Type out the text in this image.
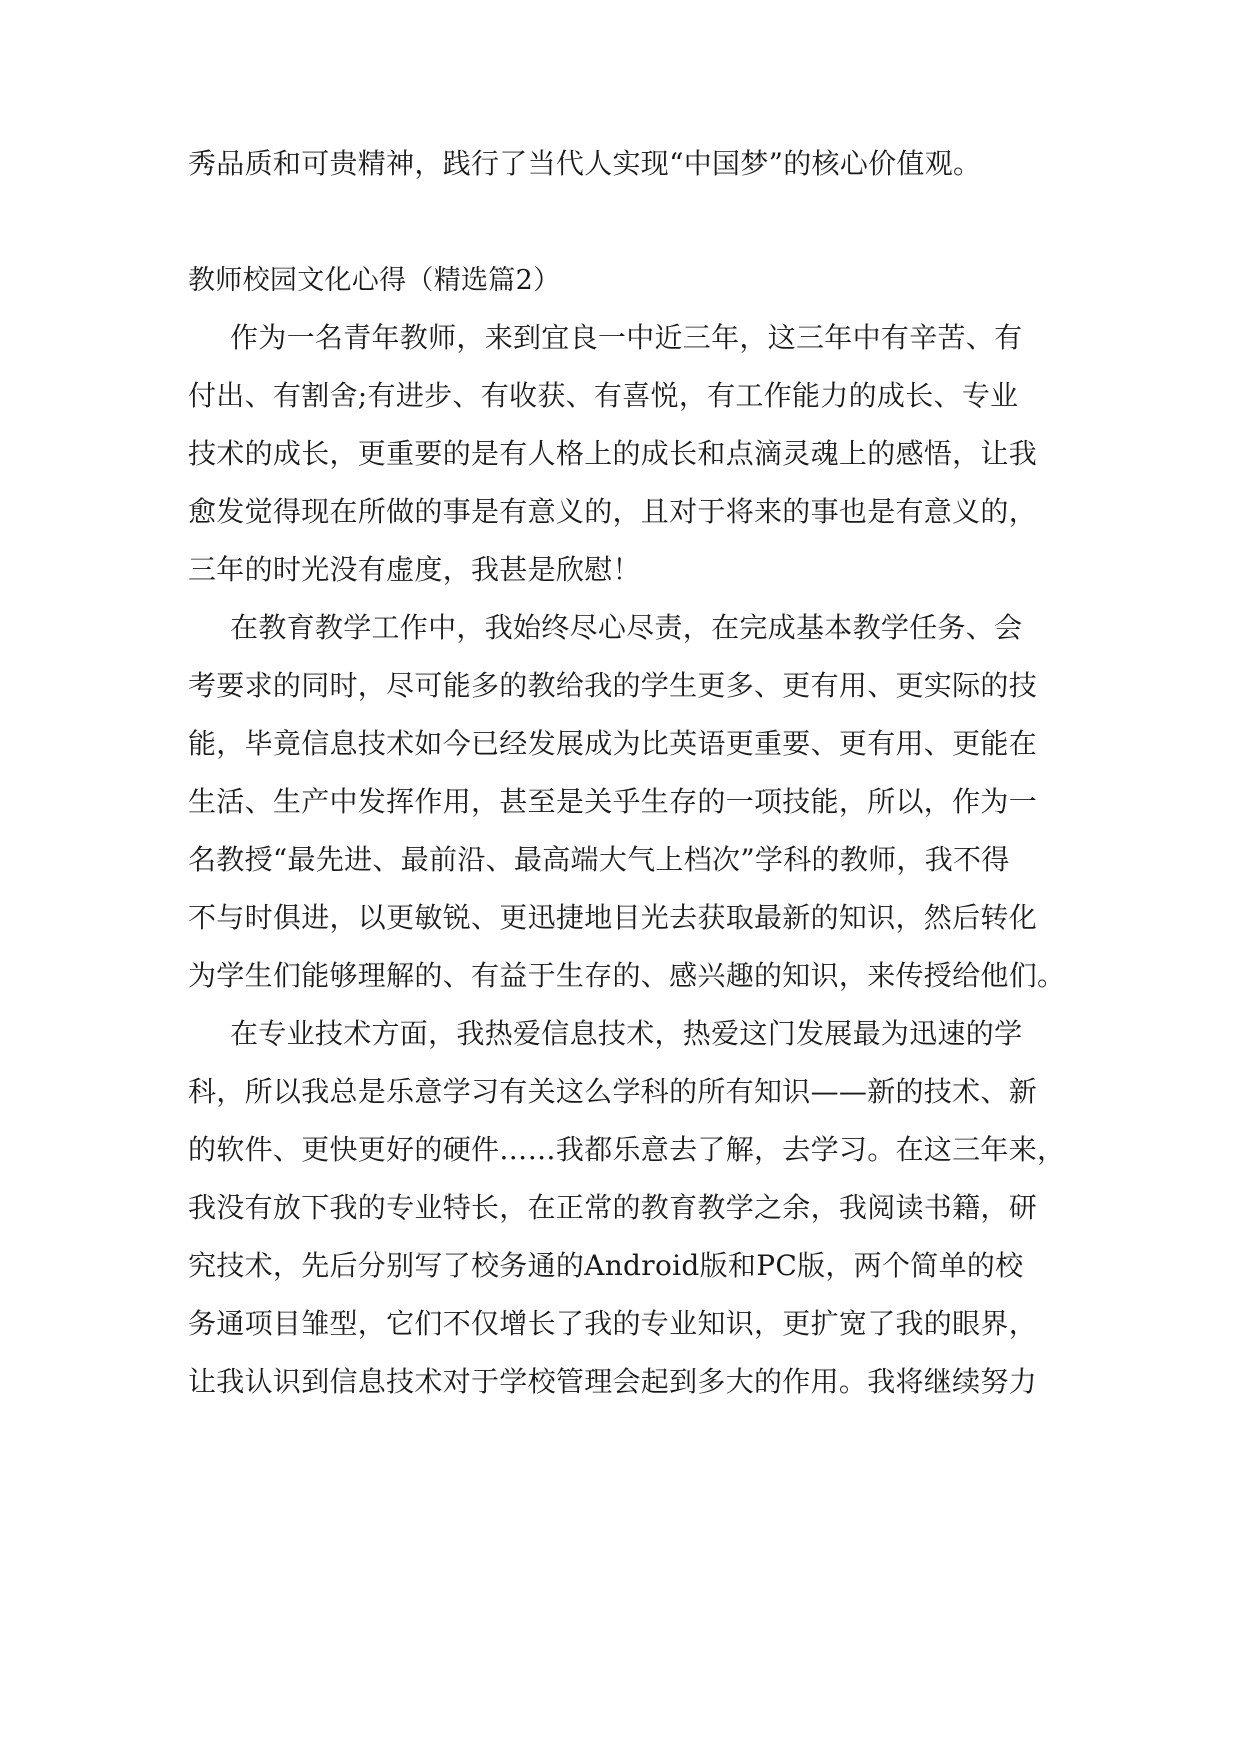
秀品质和可贵精神，践行了当代人实现“中国梦”的核心价值观。
教师校园文化心得（精选篇2）
作为一名青年教师，来到宜良一中近三年，这三年中有辛苦、有
付出、有割舍;有进步、有收获、有喜悦，有工作能力的成长、专业
技术的成长，更重要的是有人格上的成长和点滴灵魂上的感悟，让我
愈发觉得现在所做的事是有意义的，且对于将来的事也是有意义的，
三年的时光没有虚度，我甚是欣慰！
在教育教学工作中，我始终尽心尽责，在完成基本教学任务、会
考要求的同时，尽可能多的教给我的学生更多、更有用、更实际的技
能，毕竟信息技术如今已经发展成为比英语更重要、更有用、更能在
生活、生产中发挥作用，甚至是关乎生存的一项技能，所以，作为一
名教授“最先进、最前沿、最高端大气上档次”学科的教师，我不得
不与时俱进，以更敏锐、更迅捷地目光去获取最新的知识，然后转化
为学生们能够理解的、有益于生存的、感兴趣的知识，来传授给他们。
在专业技术方面，我热爱信息技术，热爱这门发展最为迅速的学
科，所以我总是乐意学习有关这么学科的所有知识——新的技术、新
的软件、更快更好的硬件……我都乐意去了解，去学习。在这三年来，
我没有放下我的专业特长，在正常的教育教学之余，我阅读书籍，研
究技术，先后分别写了校务通的Android版和PC版，两个简单的校
务通项目雏型，它们不仅增长了我的专业知识，更扩宽了我的眼界，
让我认识到信息技术对于学校管理会起到多大的作用。我将继续努力
